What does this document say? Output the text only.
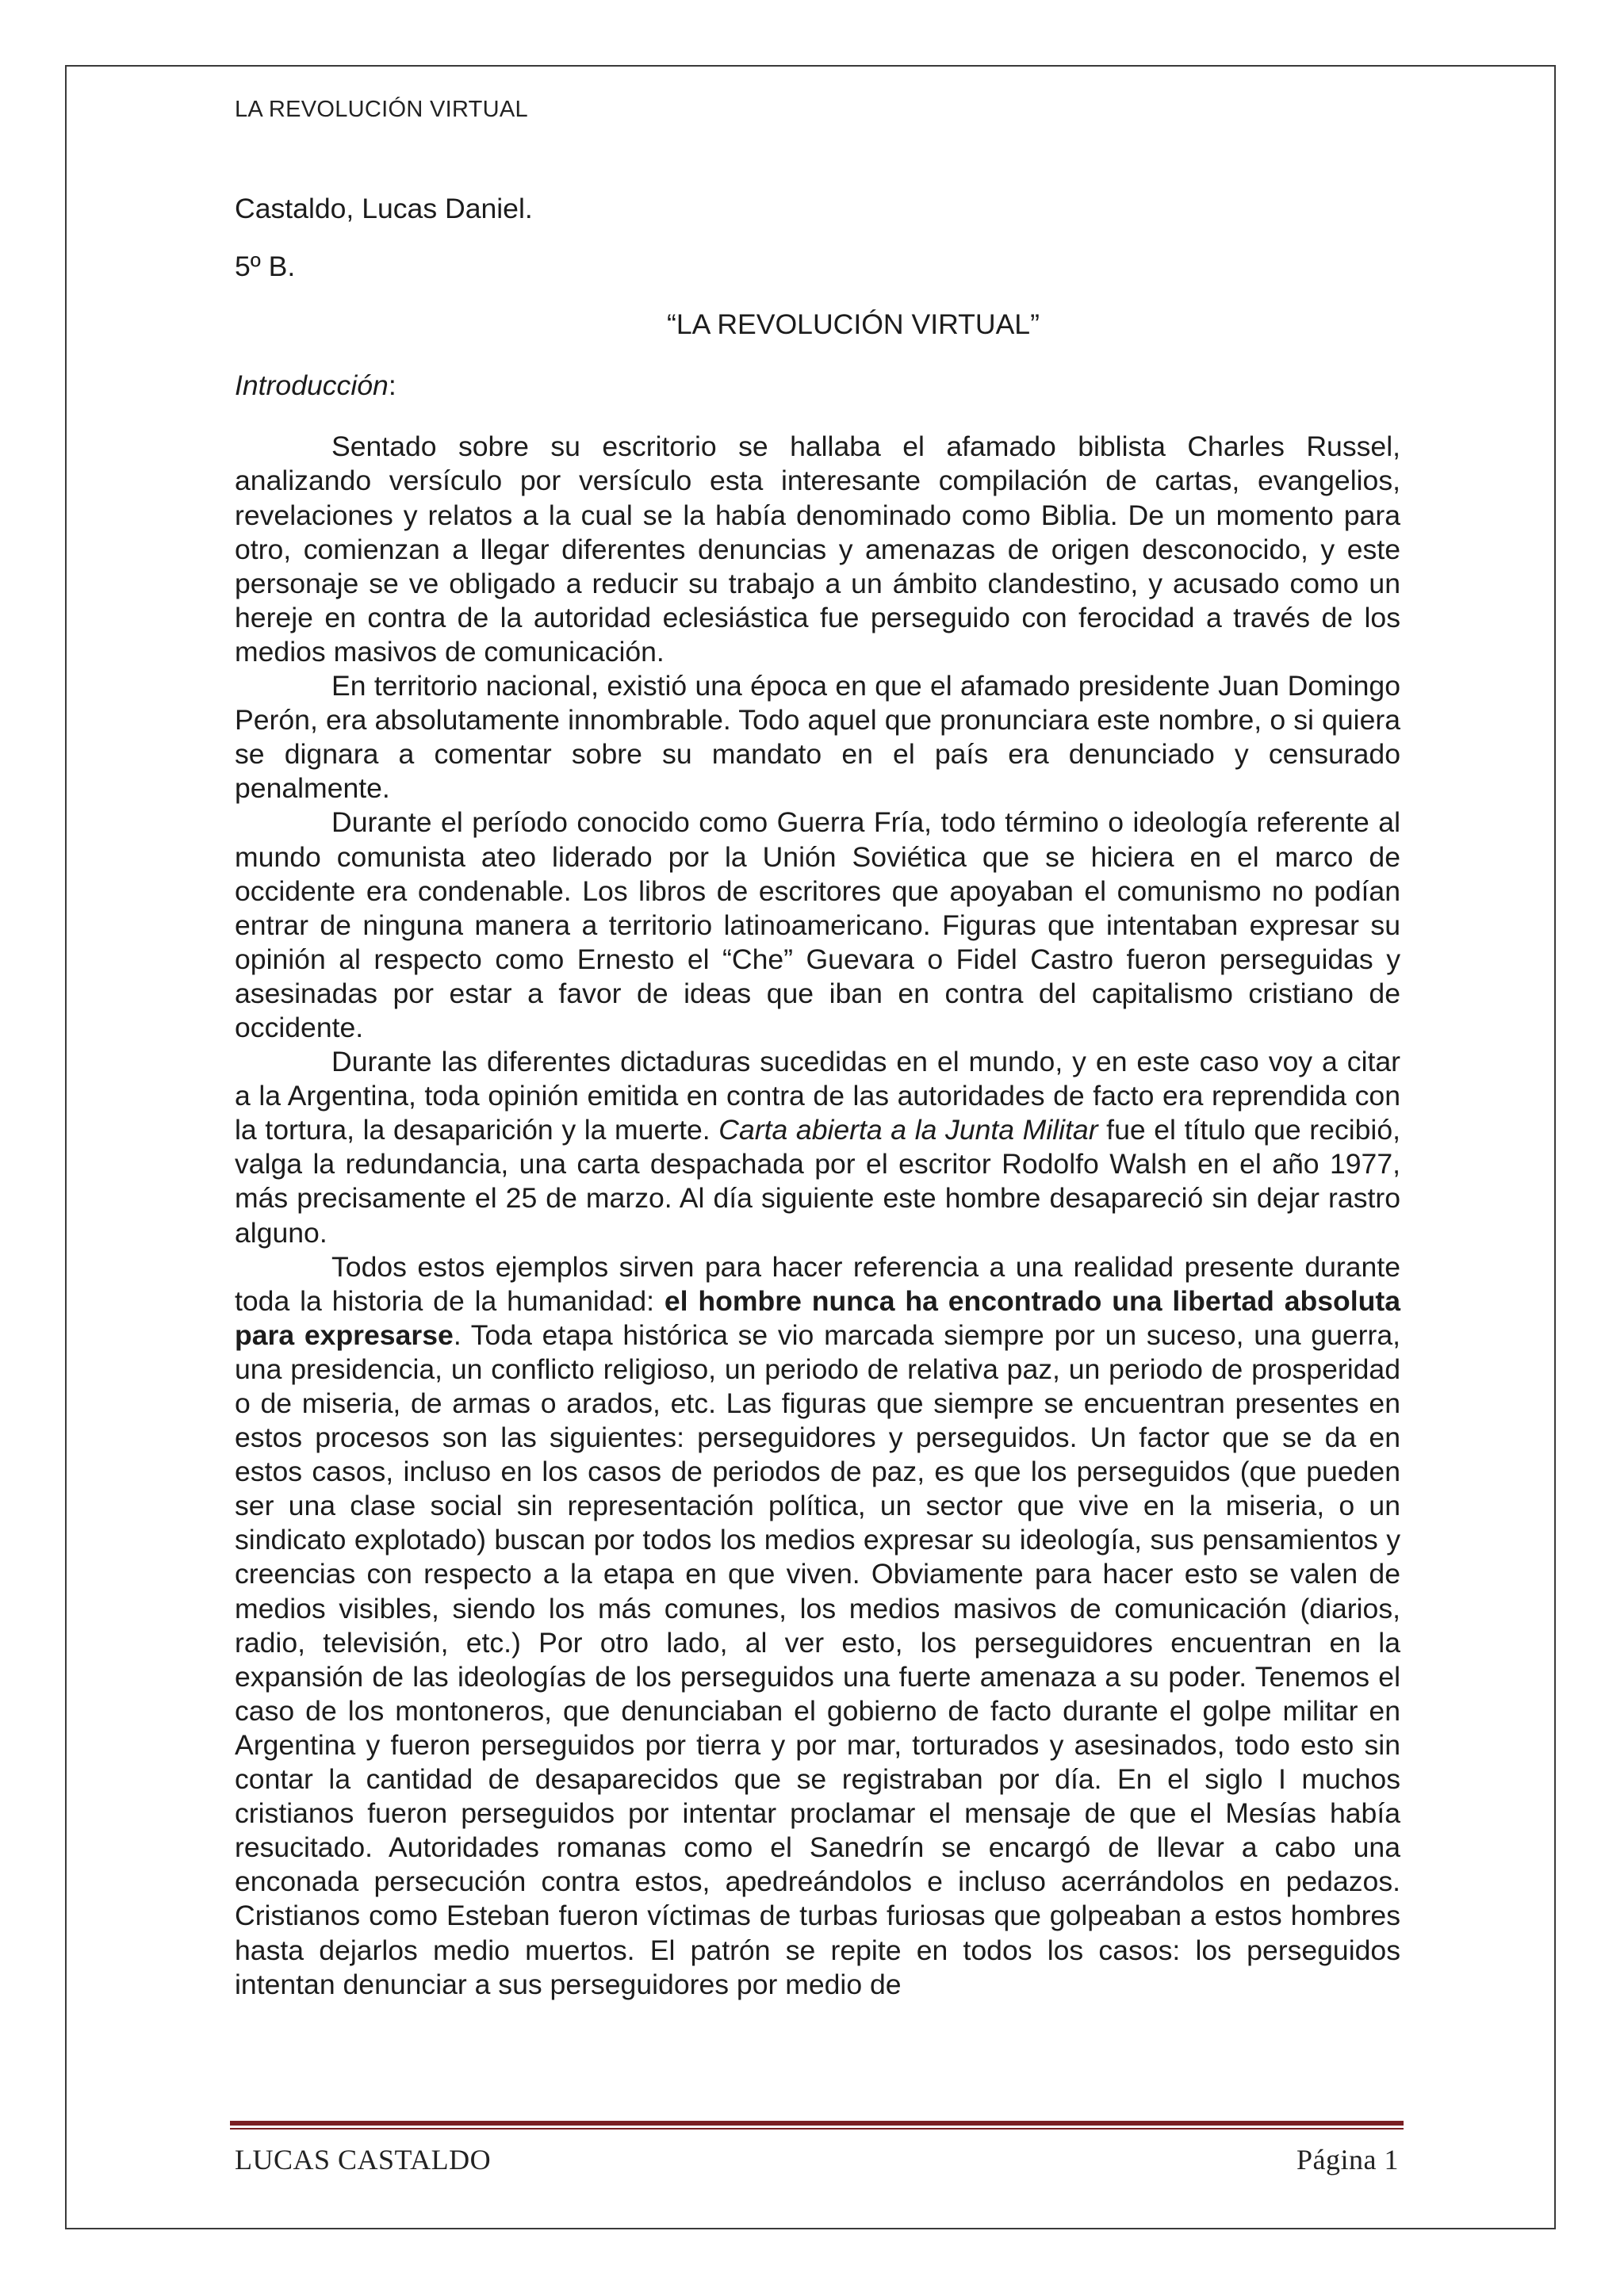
LA REVOLUCIÓN VIRTUAL

Castaldo, Lucas Daniel.

5º B.

“LA REVOLUCIÓN VIRTUAL”

Introducción:

Sentado sobre su escritorio se hallaba el afamado biblista Charles Russel, analizando versículo por versículo esta interesante compilación de cartas, evangelios, revelaciones y relatos a la cual se la había denominado como Biblia. De un momento para otro, comienzan a llegar diferentes denuncias y amenazas de origen desconocido, y este personaje se ve obligado a reducir su trabajo a un ámbito clandestino, y acusado como un hereje en contra de la autoridad eclesiástica fue perseguido con ferocidad a través de los medios masivos de comunicación.

En territorio nacional, existió una época en que el afamado presidente Juan Domingo Perón, era absolutamente innombrable. Todo aquel que pronunciara este nombre, o si quiera se dignara a comentar sobre su mandato en el país era denunciado y censurado penalmente.

Durante el período conocido como Guerra Fría, todo término o ideología referente al mundo comunista ateo liderado por la Unión Soviética que se hiciera en el marco de occidente era condenable. Los libros de escritores que apoyaban el comunismo no podían entrar de ninguna manera a territorio latinoamericano. Figuras que intentaban expresar su opinión al respecto como Ernesto el “Che” Guevara o Fidel Castro fueron perseguidas y asesinadas por estar a favor de ideas que iban en contra del capitalismo cristiano de occidente.

Durante las diferentes dictaduras sucedidas en el mundo, y en este caso voy a citar a la Argentina, toda opinión emitida en contra de las autoridades de facto era reprendida con la tortura, la desaparición y la muerte. Carta abierta a la Junta Militar fue el título que recibió, valga la redundancia, una carta despachada por el escritor Rodolfo Walsh en el año 1977, más precisamente el 25 de marzo. Al día siguiente este hombre desapareció sin dejar rastro alguno.

Todos estos ejemplos sirven para hacer referencia a una realidad presente durante toda la historia de la humanidad: el hombre nunca ha encontrado una libertad absoluta para expresarse. Toda etapa histórica se vio marcada siempre por un suceso, una guerra, una presidencia, un conflicto religioso, un periodo de relativa paz, un periodo de prosperidad o de miseria, de armas o arados, etc. Las figuras que siempre se encuentran presentes en estos procesos son las siguientes: perseguidores y perseguidos. Un factor que se da en estos casos, incluso en los casos de periodos de paz, es que los perseguidos (que pueden ser una clase social sin representación política, un sector que vive en la miseria, o un sindicato explotado) buscan por todos los medios expresar su ideología, sus pensamientos y creencias con respecto a la etapa en que viven. Obviamente para hacer esto se valen de medios visibles, siendo los más comunes, los medios masivos de comunicación (diarios, radio, televisión, etc.) Por otro lado, al ver esto, los perseguidores encuentran en la expansión de las ideologías de los perseguidos una fuerte amenaza a su poder. Tenemos el caso de los montoneros, que denunciaban el gobierno de facto durante el golpe militar en Argentina y fueron perseguidos por tierra y por mar, torturados y asesinados, todo esto sin contar la cantidad de desaparecidos que se registraban por día. En el siglo I muchos cristianos fueron perseguidos por intentar proclamar el mensaje de que el Mesías había resucitado. Autoridades romanas como el Sanedrín se encargó de llevar a cabo una enconada persecución contra estos, apedreándolos e incluso acerrándolos en pedazos. Cristianos como Esteban fueron víctimas de turbas furiosas que golpeaban a estos hombres hasta dejarlos medio muertos. El patrón se repite en todos los casos: los perseguidos intentan denunciar a sus perseguidores por medio de

LUCAS CASTALDO	Página 1
